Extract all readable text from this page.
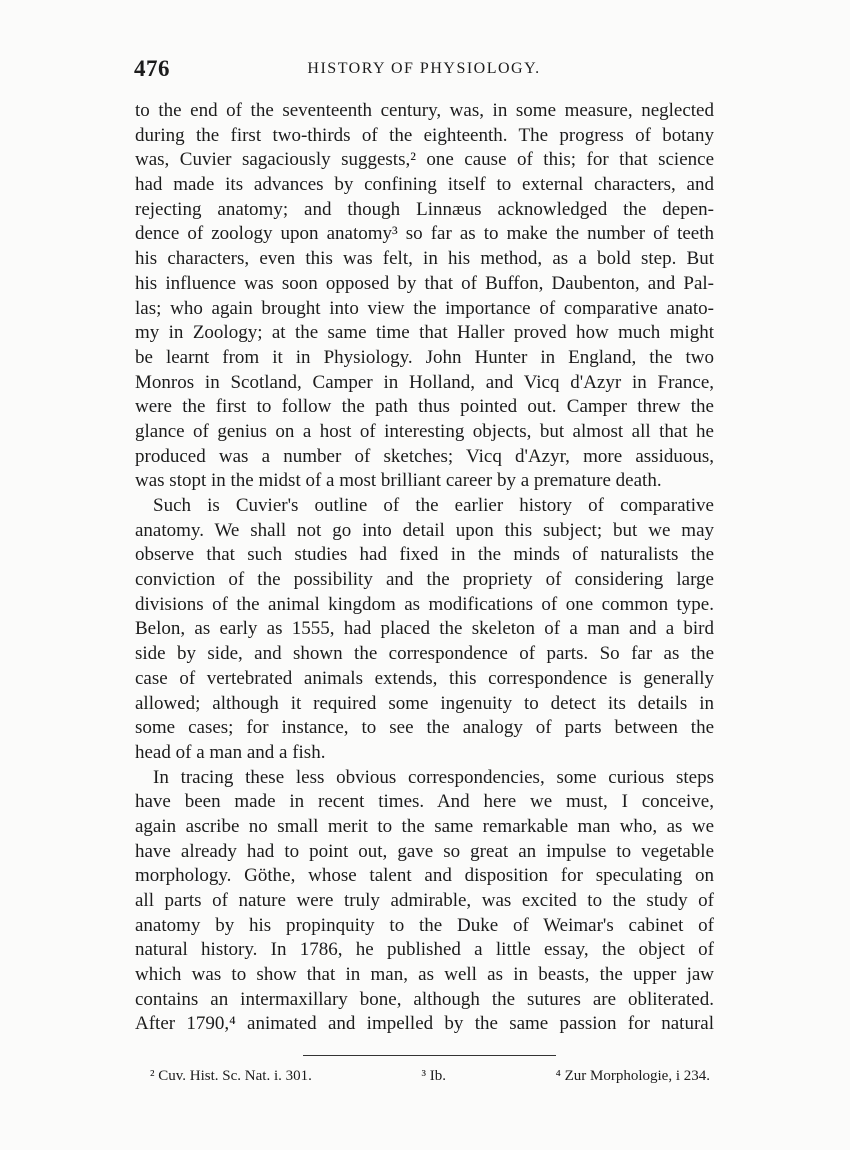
476	HISTORY OF PHYSIOLOGY.
to the end of the seventeenth century, was, in some measure, neglected
during the first two-thirds of the eighteenth. The progress of botany
was, Cuvier sagaciously suggests,² one cause of this; for that science
had made its advances by confining itself to external characters, and
rejecting anatomy; and though Linnæus acknowledged the depen-
dence of zoology upon anatomy³ so far as to make the number of teeth
his characters, even this was felt, in his method, as a bold step. But
his influence was soon opposed by that of Buffon, Daubenton, and Pal-
las; who again brought into view the importance of comparative anato-
my in Zoology; at the same time that Haller proved how much might
be learnt from it in Physiology. John Hunter in England, the two
Monros in Scotland, Camper in Holland, and Vicq d'Azyr in France,
were the first to follow the path thus pointed out. Camper threw the
glance of genius on a host of interesting objects, but almost all that he
produced was a number of sketches; Vicq d'Azyr, more assiduous,
was stopt in the midst of a most brilliant career by a premature death.
Such is Cuvier's outline of the earlier history of comparative
anatomy. We shall not go into detail upon this subject; but we may
observe that such studies had fixed in the minds of naturalists the
conviction of the possibility and the propriety of considering large
divisions of the animal kingdom as modifications of one common type.
Belon, as early as 1555, had placed the skeleton of a man and a bird
side by side, and shown the correspondence of parts. So far as the
case of vertebrated animals extends, this correspondence is generally
allowed; although it required some ingenuity to detect its details in
some cases; for instance, to see the analogy of parts between the
head of a man and a fish.
In tracing these less obvious correspondencies, some curious steps
have been made in recent times. And here we must, I conceive,
again ascribe no small merit to the same remarkable man who, as we
have already had to point out, gave so great an impulse to vegetable
morphology. Göthe, whose talent and disposition for speculating on
all parts of nature were truly admirable, was excited to the study of
anatomy by his propinquity to the Duke of Weimar's cabinet of
natural history. In 1786, he published a little essay, the object of
which was to show that in man, as well as in beasts, the upper jaw
contains an intermaxillary bone, although the sutures are obliterated.
After 1790,⁴ animated and impelled by the same passion for natural
² Cuv. Hist. Sc. Nat. i. 301.	³ Ib.	⁴ Zur Morphologie, i 234.
